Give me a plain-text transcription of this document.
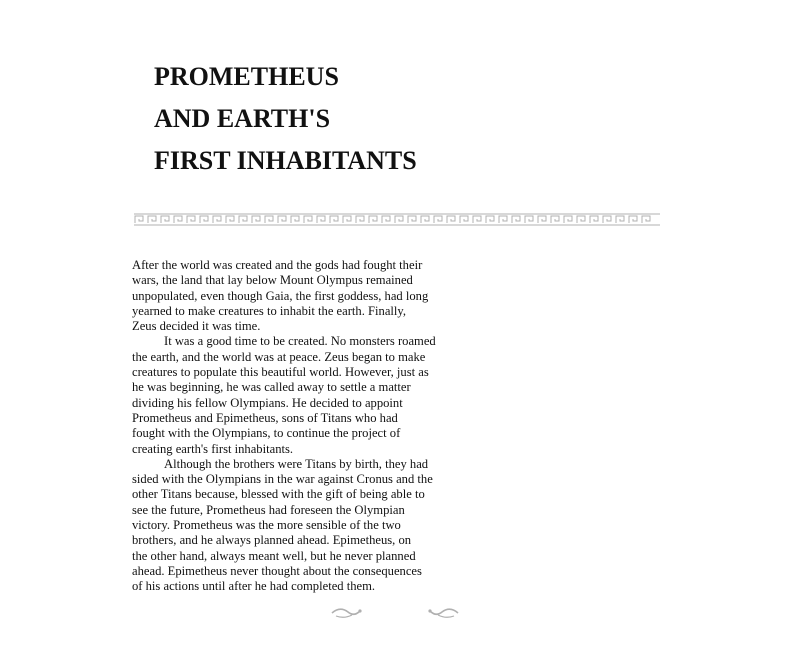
PROMETHEUS
AND EARTH'S
FIRST INHABITANTS
After the world was created and the gods had fought their
wars, the land that lay below Mount Olympus remained
unpopulated, even though Gaia, the first goddess, had long
yearned to make creatures to inhabit the earth. Finally,
Zeus decided it was time.
It was a good time to be created. No monsters roamed
the earth, and the world was at peace. Zeus began to make
creatures to populate this beautiful world. However, just as
he was beginning, he was called away to settle a matter
dividing his fellow Olympians. He decided to appoint
Prometheus and Epimetheus, sons of Titans who had
fought with the Olympians, to continue the project of
creating earth's first inhabitants.
Although the brothers were Titans by birth, they had
sided with the Olympians in the war against Cronus and the
other Titans because, blessed with the gift of being able to
see the future, Prometheus had foreseen the Olympian
victory. Prometheus was the more sensible of the two
brothers, and he always planned ahead. Epimetheus, on
the other hand, always meant well, but he never planned
ahead. Epimetheus never thought about the consequences
of his actions until after he had completed them.
